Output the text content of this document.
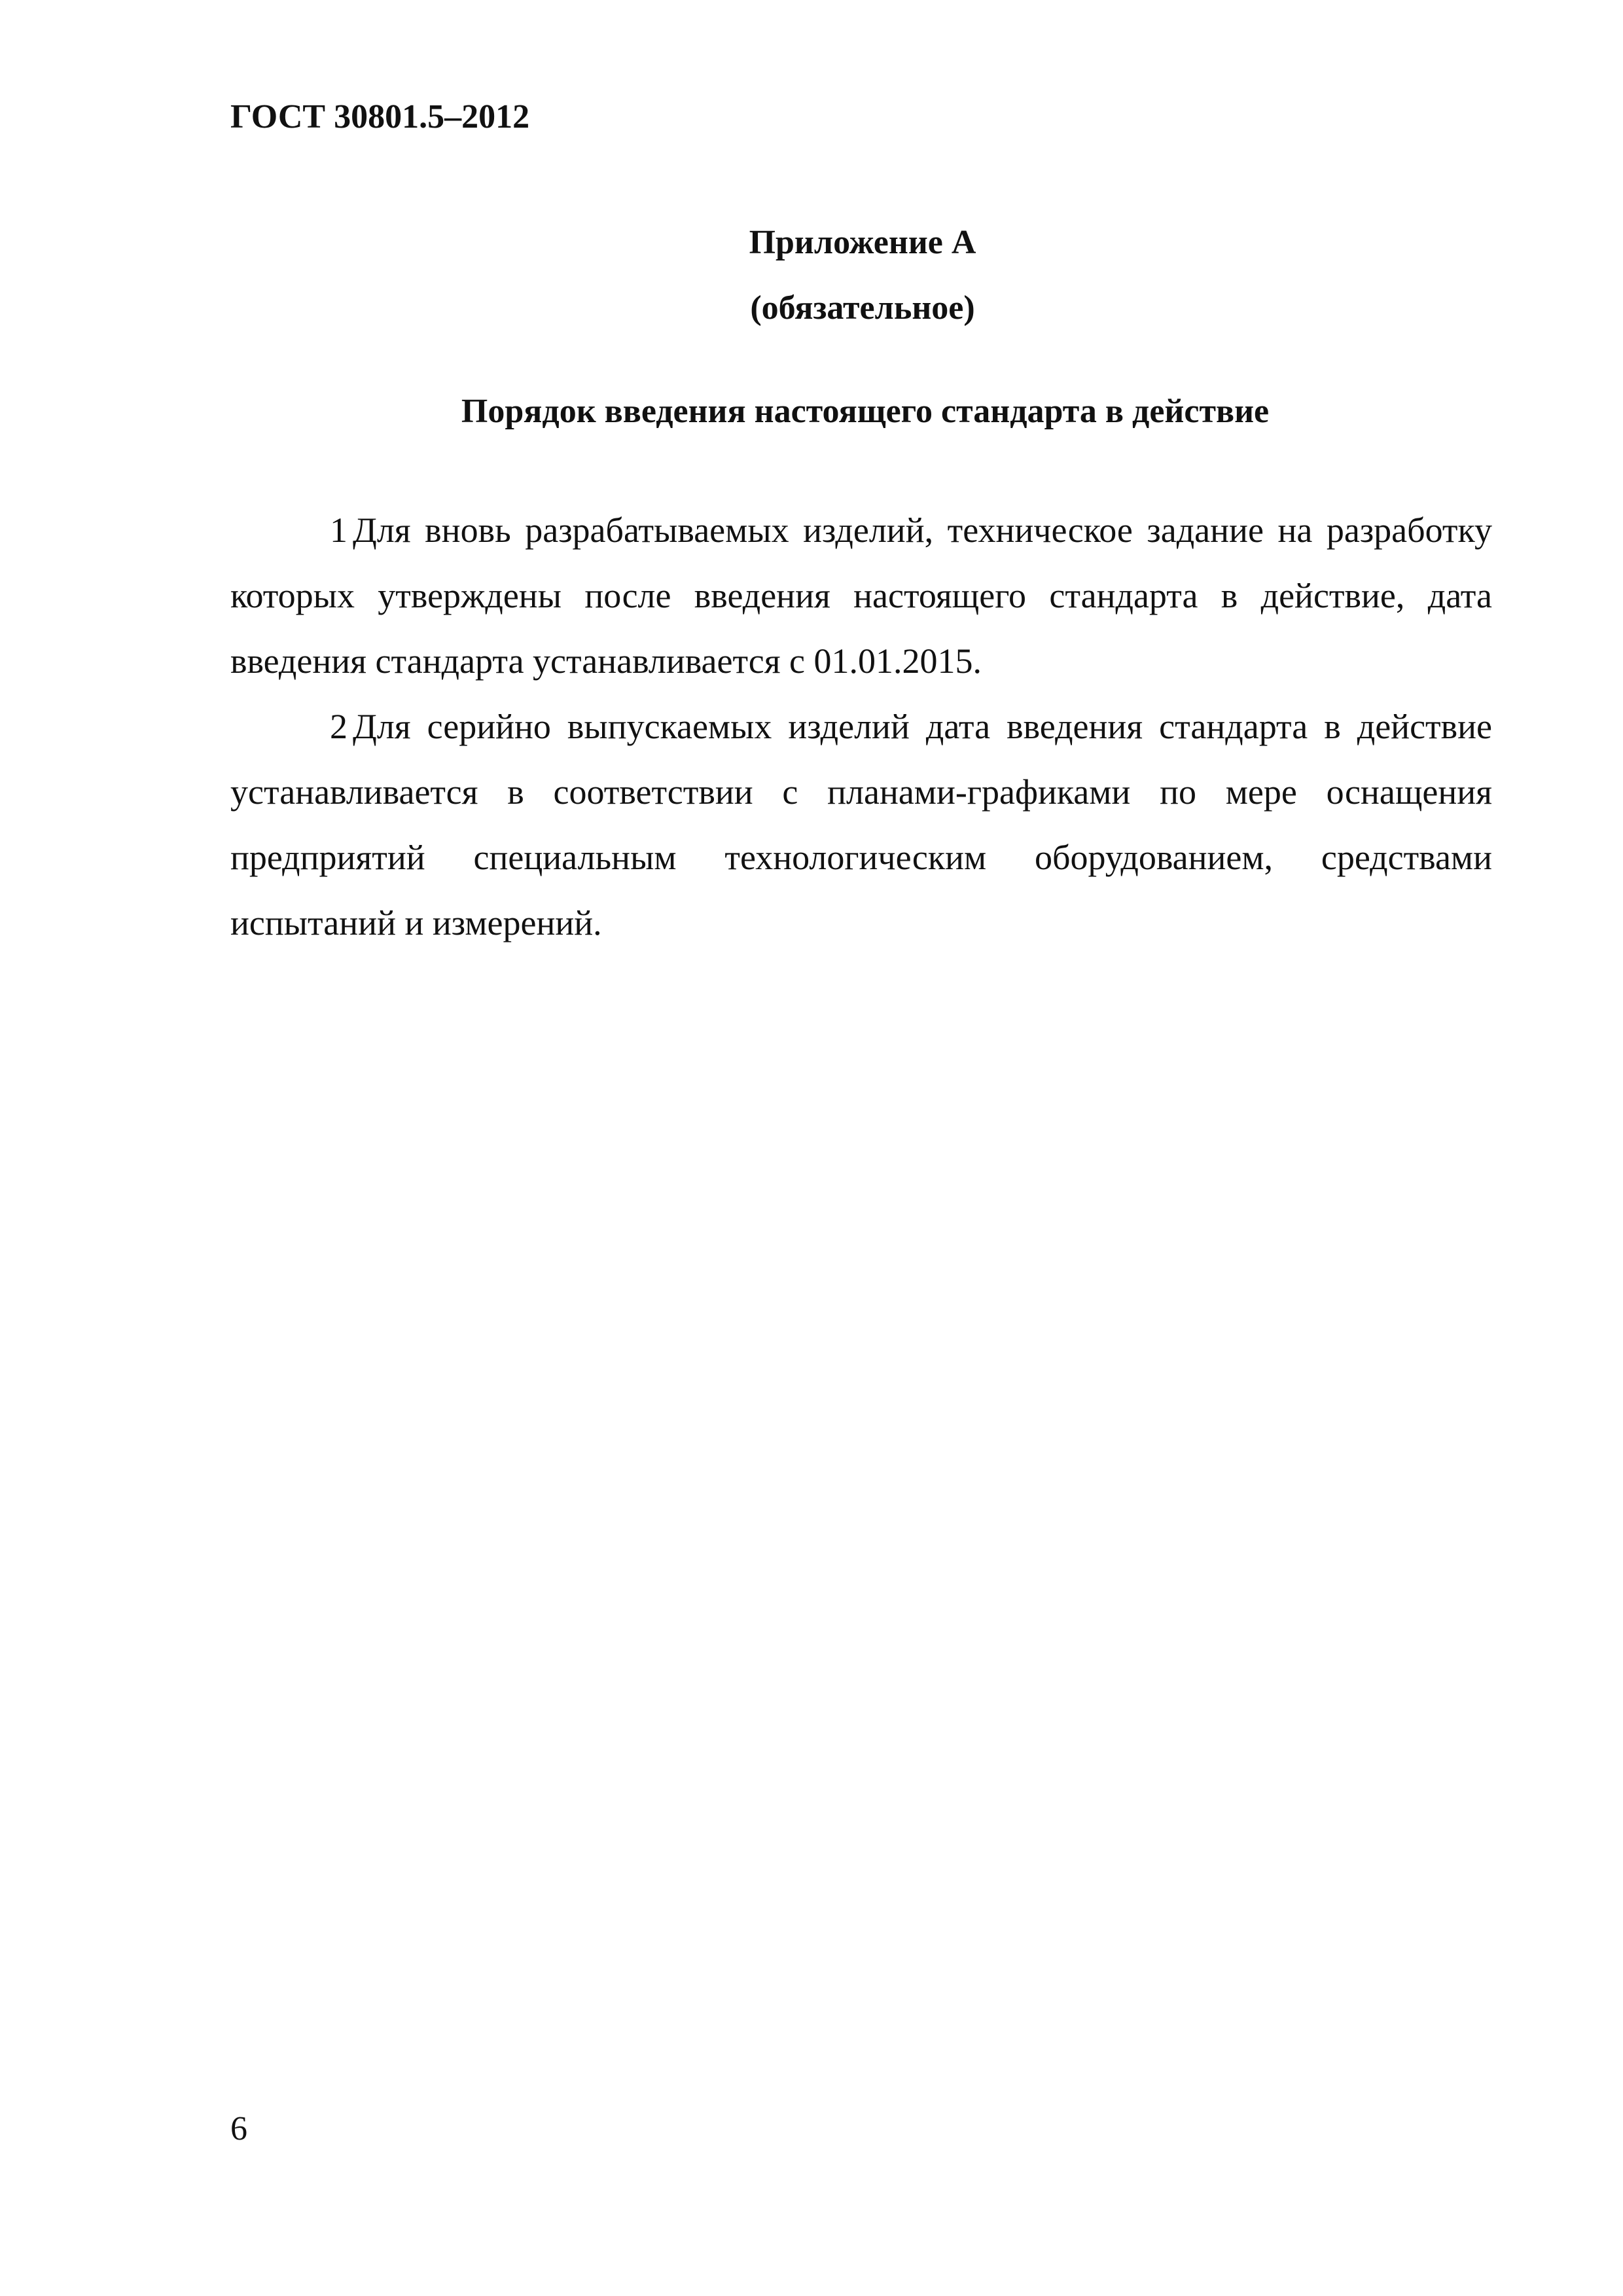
ГОСТ 30801.5–2012
Приложение А
(обязательное)
Порядок введения настоящего стандарта в действие

1 Для вновь разрабатываемых изделий, техническое задание на разработку которых утверждены после введения настоящего стандарта в действие, дата введения стандарта устанавливается с 01.01.2015.

2 Для серийно выпускаемых изделий дата введения стандарта в действие устанавливается в соответствии с планами-графиками по мере оснащения предприятий специальным технологическим оборудованием, средствами испытаний и измерений.

6
